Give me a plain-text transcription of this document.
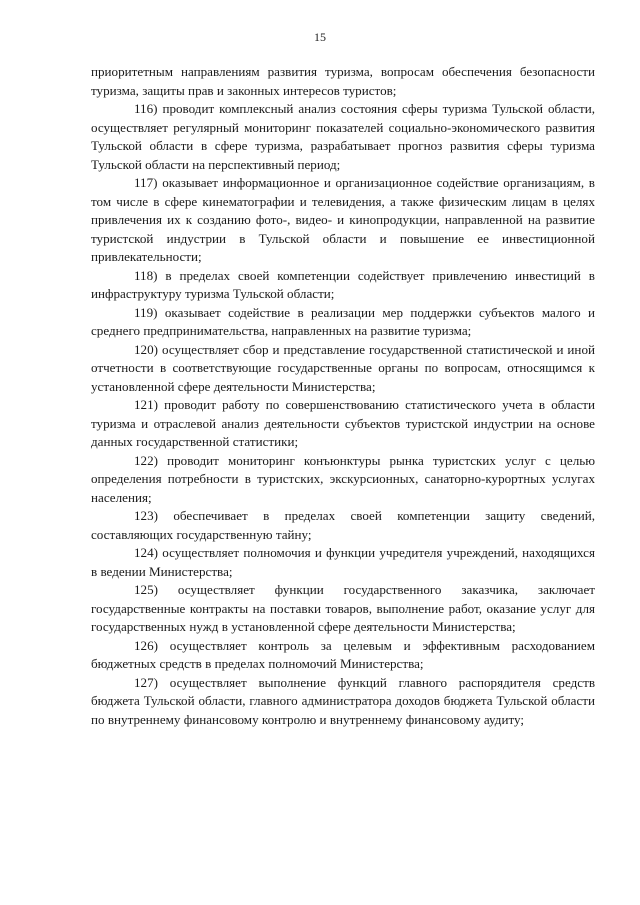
15

приоритетным направлениям развития туризма, вопросам обеспечения безопасности туризма, защиты прав и законных интересов туристов;

116) проводит комплексный анализ состояния сферы туризма Тульской области, осуществляет регулярный мониторинг показателей социально-экономического развития Тульской области в сфере туризма, разрабатывает прогноз развития сферы туризма Тульской области на перспективный период;

117) оказывает информационное и организационное содействие организациям, в том числе в сфере кинематографии и телевидения, а также физическим лицам в целях привлечения их к созданию фото-, видео- и кинопродукции, направленной на развитие туристской индустрии в Тульской области и повышение ее инвестиционной привлекательности;

118) в пределах своей компетенции содействует привлечению инвестиций в инфраструктуру туризма Тульской области;

119) оказывает содействие в реализации мер поддержки субъектов малого и среднего предпринимательства, направленных на развитие туризма;

120) осуществляет сбор и представление государственной статистической и иной отчетности в соответствующие государственные органы по вопросам, относящимся к установленной сфере деятельности Министерства;

121) проводит работу по совершенствованию статистического учета в области туризма и отраслевой анализ деятельности субъектов туристской индустрии на основе данных государственной статистики;

122) проводит мониторинг конъюнктуры рынка туристских услуг с целью определения потребности в туристских, экскурсионных, санаторно-курортных услугах населения;

123) обеспечивает в пределах своей компетенции защиту сведений, составляющих государственную тайну;

124) осуществляет полномочия и функции учредителя учреждений, находящихся в ведении Министерства;

125) осуществляет функции государственного заказчика, заключает государственные контракты на поставки товаров, выполнение работ, оказание услуг для государственных нужд в установленной сфере деятельности Министерства;

126) осуществляет контроль за целевым и эффективным расходованием бюджетных средств в пределах полномочий Министерства;

127) осуществляет выполнение функций главного распорядителя средств бюджета Тульской области, главного администратора доходов бюджета Тульской области по внутреннему финансовому контролю и внутреннему финансовому аудиту;
